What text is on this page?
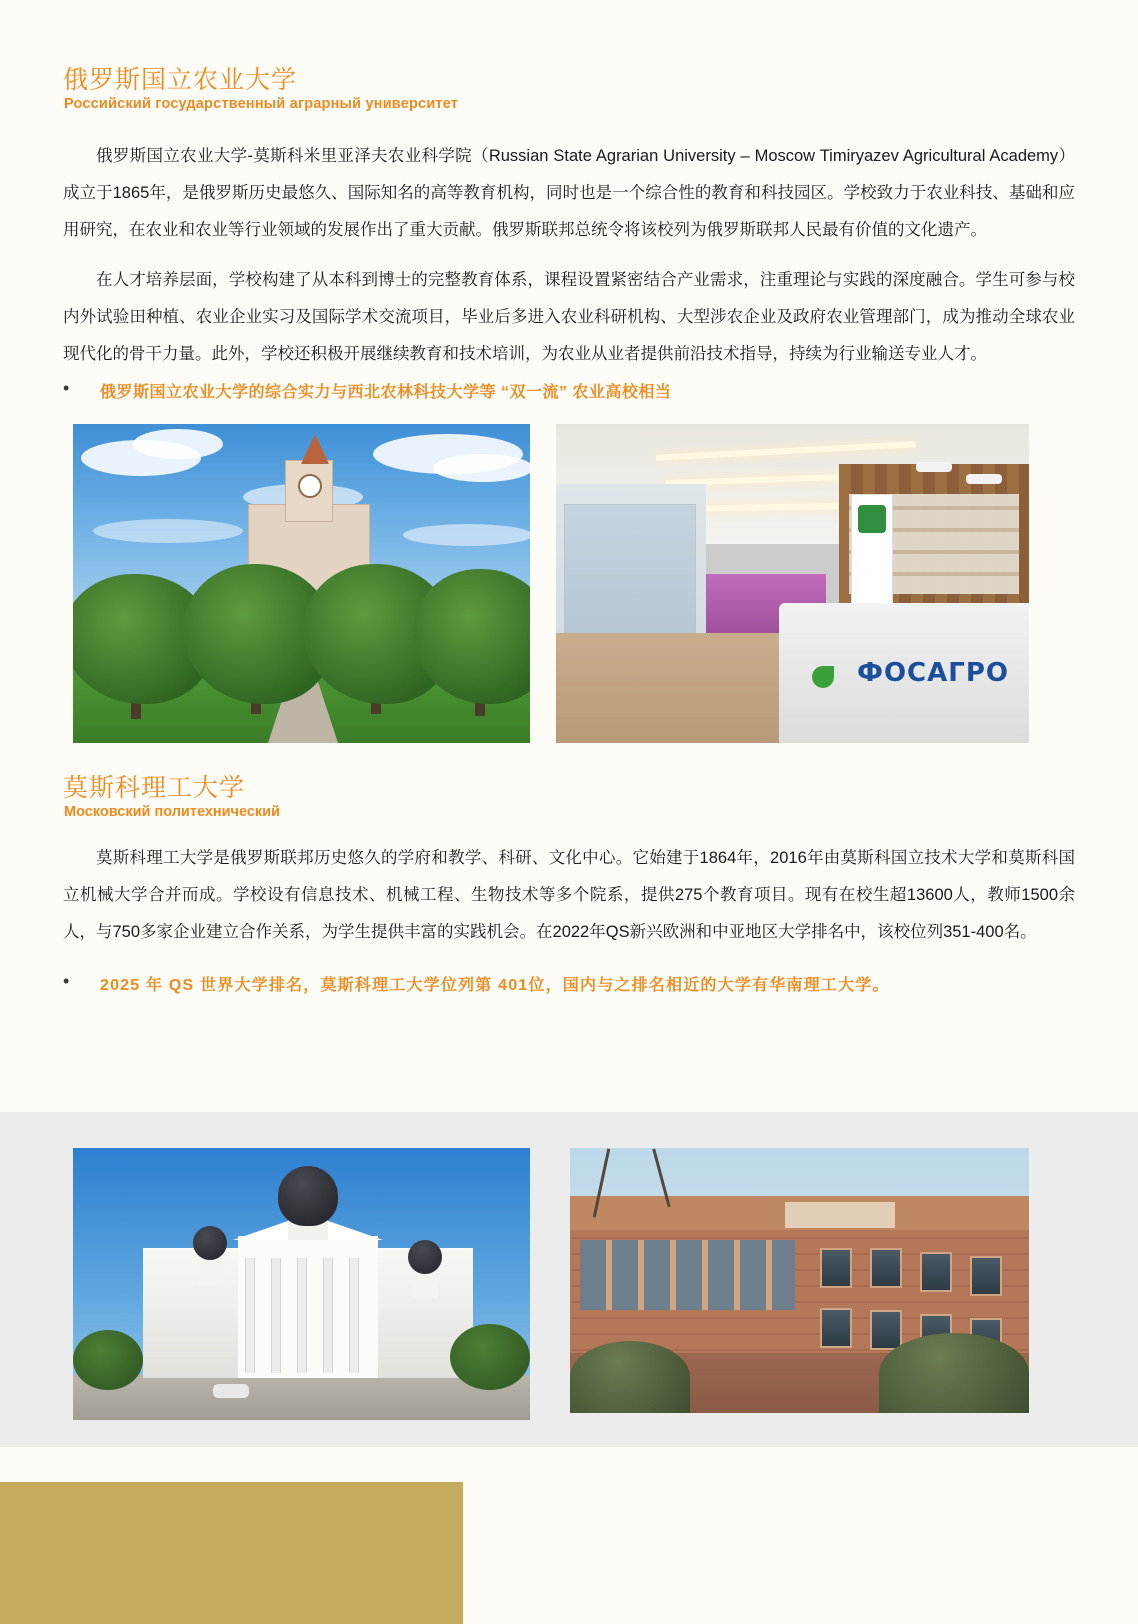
俄罗斯国立农业大学
Российский государственный аграрный университет
俄罗斯国立农业大学-莫斯科米里亚泽夫农业科学院（Russian State Agrarian University – Moscow Timiryazev Agricultural Academy）成立于1865年，是俄罗斯历史最悠久、国际知名的高等教育机构，同时也是一个综合性的教育和科技园区。学校致力于农业科技、基础和应用研究，在农业和农业等行业领域的发展作出了重大贡献。俄罗斯联邦总统令将该校列为俄罗斯联邦人民最有价值的文化遗产。
在人才培养层面，学校构建了从本科到博士的完整教育体系，课程设置紧密结合产业需求，注重理论与实践的深度融合。学生可参与校内外试验田种植、农业企业实习及国际学术交流项目，毕业后多进入农业科研机构、大型涉农企业及政府农业管理部门，成为推动全球农业现代化的骨干力量。此外，学校还积极开展继续教育和技术培训，为农业从业者提供前沿技术指导，持续为行业输送专业人才。
•	俄罗斯国立农业大学的综合实力与西北农林科技大学等 “双一流” 农业高校相当
ФОСАГРО
莫斯科理工大学
Московский политехнический
莫斯科理工大学是俄罗斯联邦历史悠久的学府和教学、科研、文化中心。它始建于1864年，2016年由莫斯科国立技术大学和莫斯科国立机械大学合并而成。学校设有信息技术、机械工程、生物技术等多个院系，提供275个教育项目。现有在校生超13600人，教师1500余人，与750多家企业建立合作关系，为学生提供丰富的实践机会。在2022年QS新兴欧洲和中亚地区大学排名中，该校位列351-400名。
•	2025 年 QS 世界大学排名，莫斯科理工大学位列第 401位，国内与之排名相近的大学有华南理工大学。
